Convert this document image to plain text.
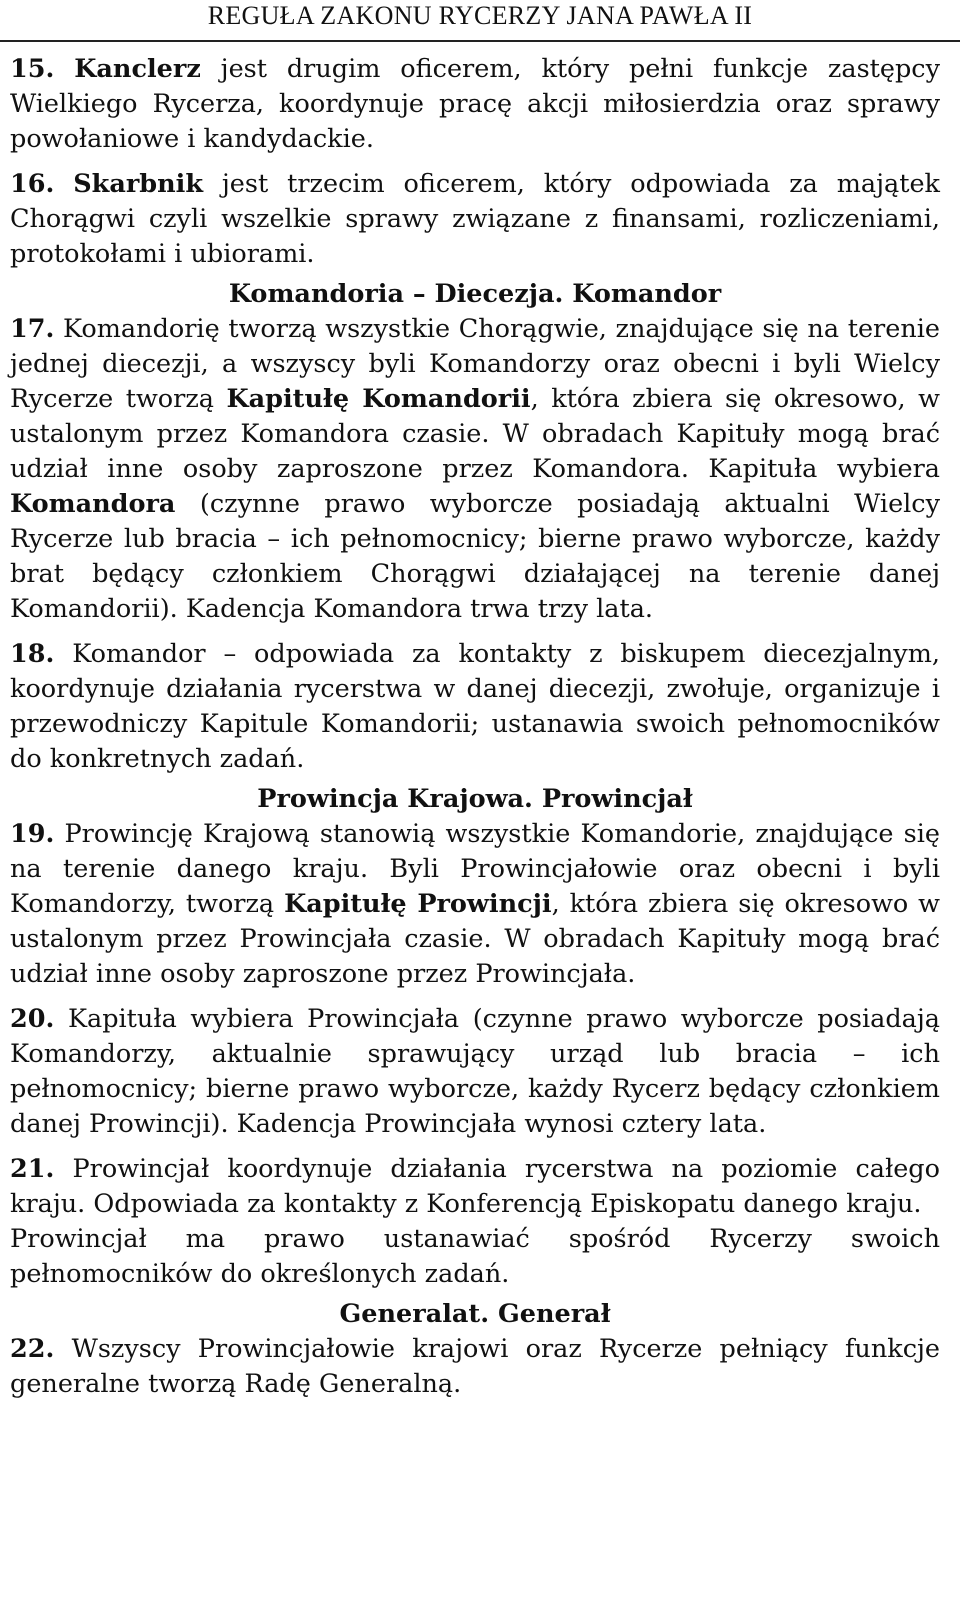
REGUŁA ZAKONU RYCERZY JANA PAWŁA II

15. Kanclerz jest drugim oficerem, który pełni funkcje zastępcy Wielkiego Rycerza, koordynuje pracę akcji miłosierdzia oraz sprawy powołaniowe i kandydackie.

16. Skarbnik jest trzecim oficerem, który odpowiada za majątek Chorągwi czyli wszelkie sprawy związane z finansami, rozliczeniami, protokołami i ubiorami.

Komandoria – Diecezja. Komandor

17. Komandorię tworzą wszystkie Chorągwie, znajdujące się na terenie jednej diecezji, a wszyscy byli Komandorzy oraz obecni i byli Wielcy Rycerze tworzą Kapitułę Komandorii, która zbiera się okresowo, w ustalonym przez Komandora czasie. W obradach Kapituły mogą brać udział inne osoby zaproszone przez Komandora. Kapituła wybiera Komandora (czynne prawo wyborcze posiadają aktualni Wielcy Rycerze lub bracia – ich pełnomocnicy; bierne prawo wyborcze, każdy brat będący członkiem Chorągwi działającej na terenie danej Komandorii). Kadencja Komandora trwa trzy lata.

18. Komandor – odpowiada za kontakty z biskupem diecezjalnym, koordynuje działania rycerstwa w danej diecezji, zwołuje, organizuje i przewodniczy Kapitule Komandorii; ustanawia swoich pełnomocników do konkretnych zadań.

Prowincja Krajowa. Prowincjał

19. Prowincję Krajową stanowią wszystkie Komandorie, znajdujące się na terenie danego kraju. Byli Prowincjałowie oraz obecni i byli Komandorzy, tworzą Kapitułę Prowincji, która zbiera się okresowo w ustalonym przez Prowincjała czasie. W obradach Kapituły mogą brać udział inne osoby zaproszone przez Prowincjała.

20. Kapituła wybiera Prowincjała (czynne prawo wyborcze posiadają Komandorzy, aktualnie sprawujący urząd lub bracia – ich pełnomocnicy; bierne prawo wyborcze, każdy Rycerz będący członkiem danej Prowincji). Kadencja Prowincjała wynosi cztery lata.

21. Prowincjał koordynuje działania rycerstwa na poziomie całego kraju. Odpowiada za kontakty z Konferencją Episkopatu danego kraju.

Prowincjał ma prawo ustanawiać spośród Rycerzy swoich pełnomocników do określonych zadań.

Generalat. Generał

22. Wszyscy Prowincjałowie krajowi oraz Rycerze pełniący funkcje generalne tworzą Radę Generalną.
